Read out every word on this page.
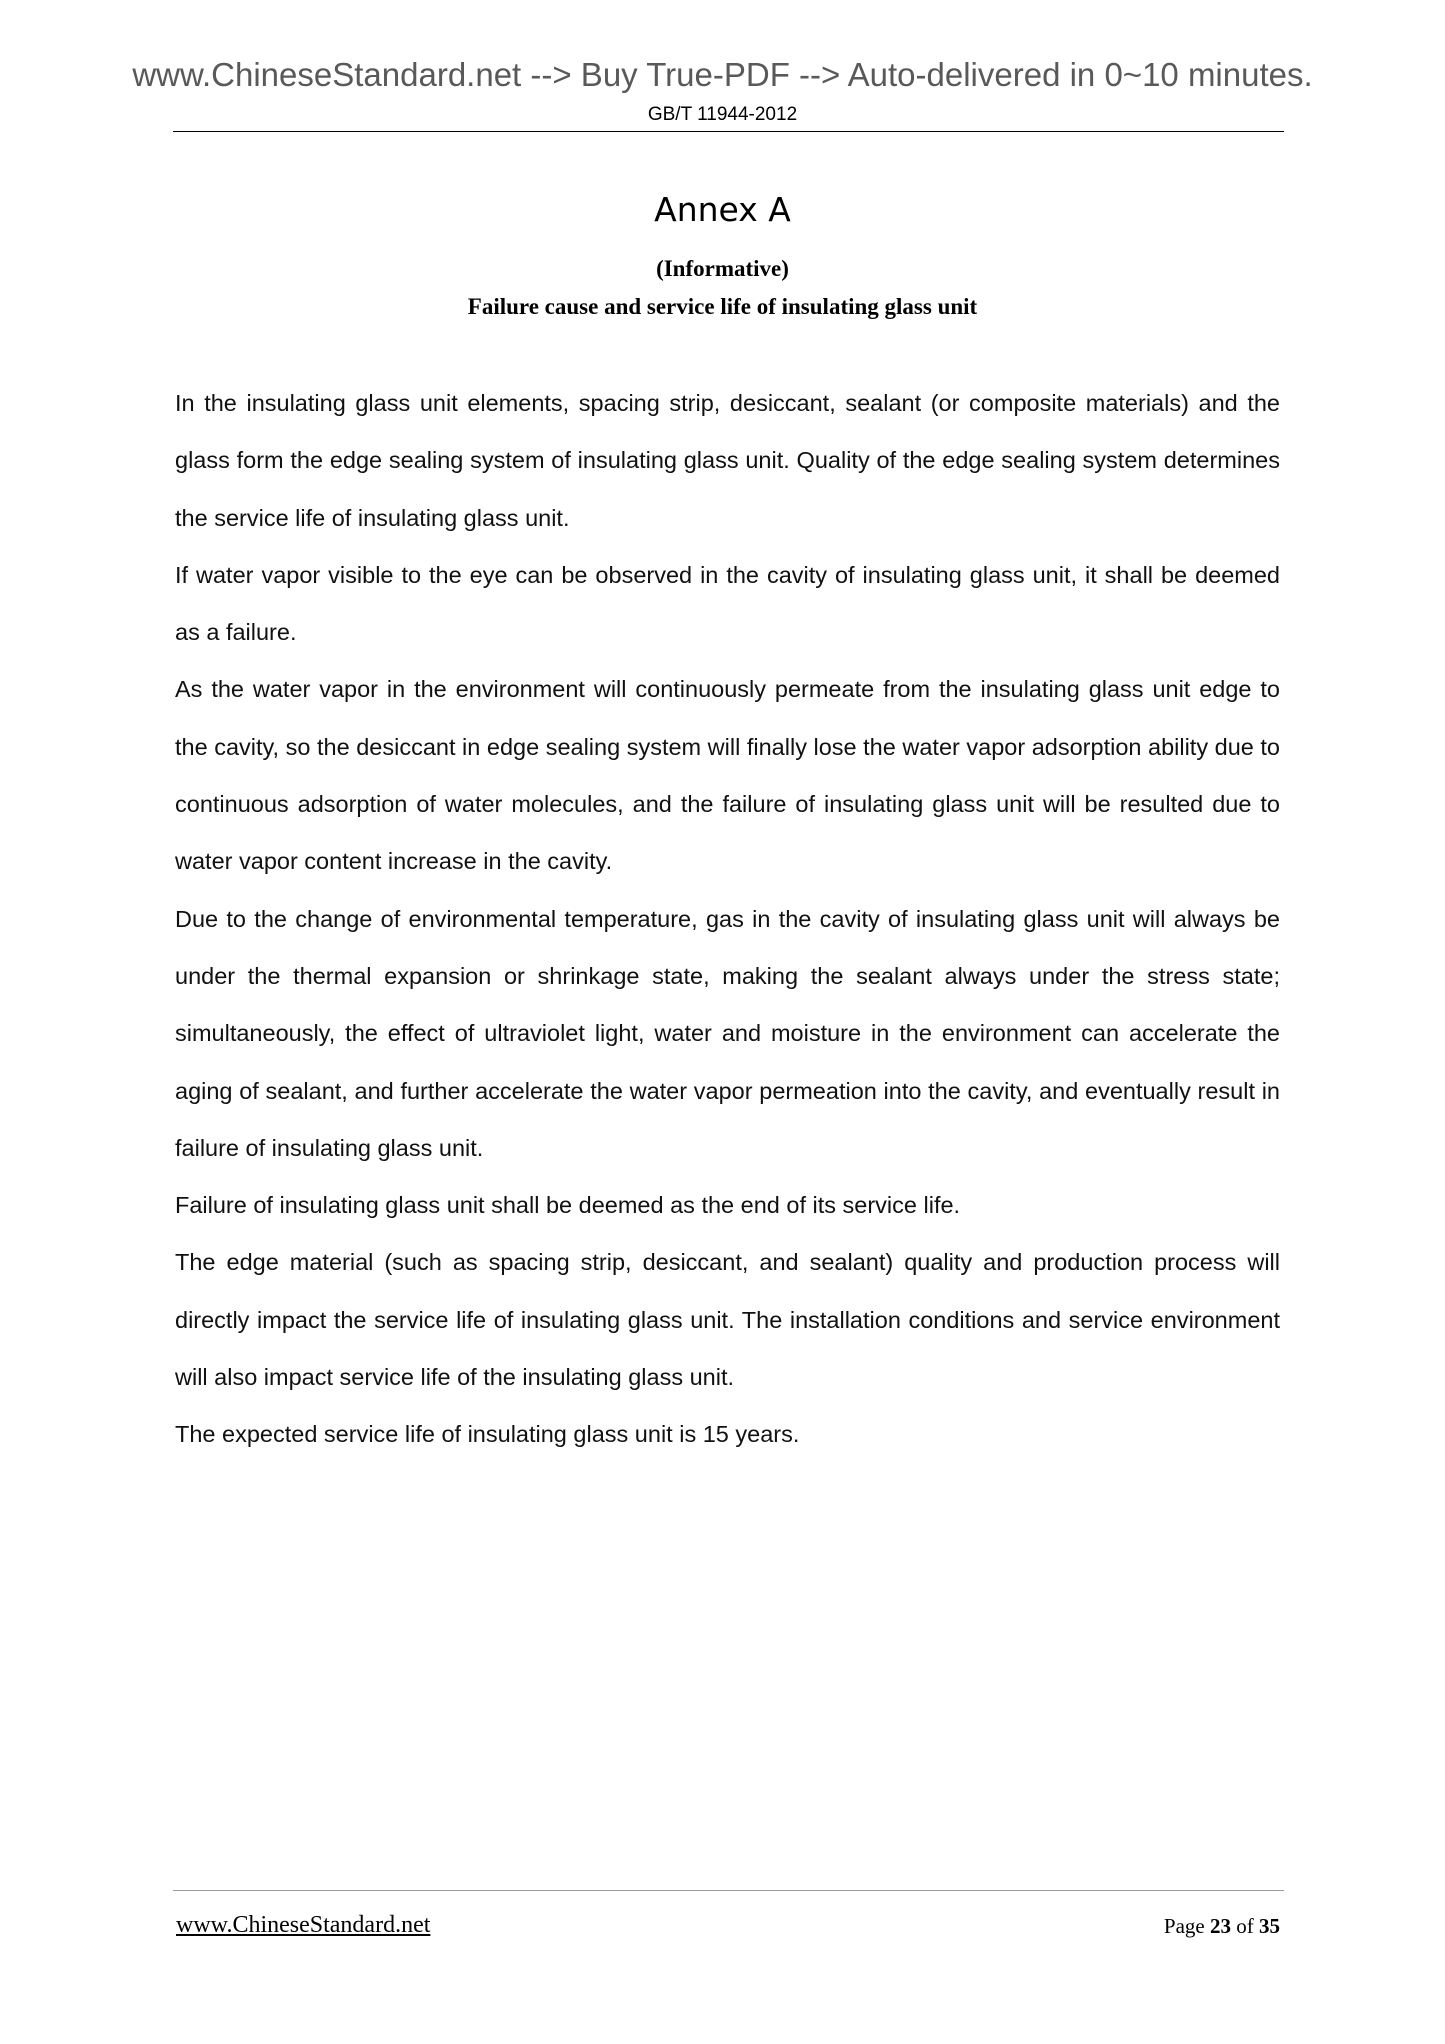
www.ChineseStandard.net --> Buy True-PDF --> Auto-delivered in 0~10 minutes.
GB/T 11944-2012
Annex A
(Informative)
Failure cause and service life of insulating glass unit

In the insulating glass unit elements, spacing strip, desiccant, sealant (or composite materials) and the glass form the edge sealing system of insulating glass unit. Quality of the edge sealing system determines the service life of insulating glass unit.

If water vapor visible to the eye can be observed in the cavity of insulating glass unit, it shall be deemed as a failure.

As the water vapor in the environment will continuously permeate from the insulating glass unit edge to the cavity, so the desiccant in edge sealing system will finally lose the water vapor adsorption ability due to continuous adsorption of water molecules, and the failure of insulating glass unit will be resulted due to water vapor content increase in the cavity.

Due to the change of environmental temperature, gas in the cavity of insulating glass unit will always be under the thermal expansion or shrinkage state, making the sealant always under the stress state; simultaneously, the effect of ultraviolet light, water and moisture in the environment can accelerate the aging of sealant, and further accelerate the water vapor permeation into the cavity, and eventually result in failure of insulating glass unit.

Failure of insulating glass unit shall be deemed as the end of its service life.

The edge material (such as spacing strip, desiccant, and sealant) quality and production process will directly impact the service life of insulating glass unit. The installation conditions and service environment will also impact service life of the insulating glass unit.

The expected service life of insulating glass unit is 15 years.

www.ChineseStandard.net	Page 23 of 35
